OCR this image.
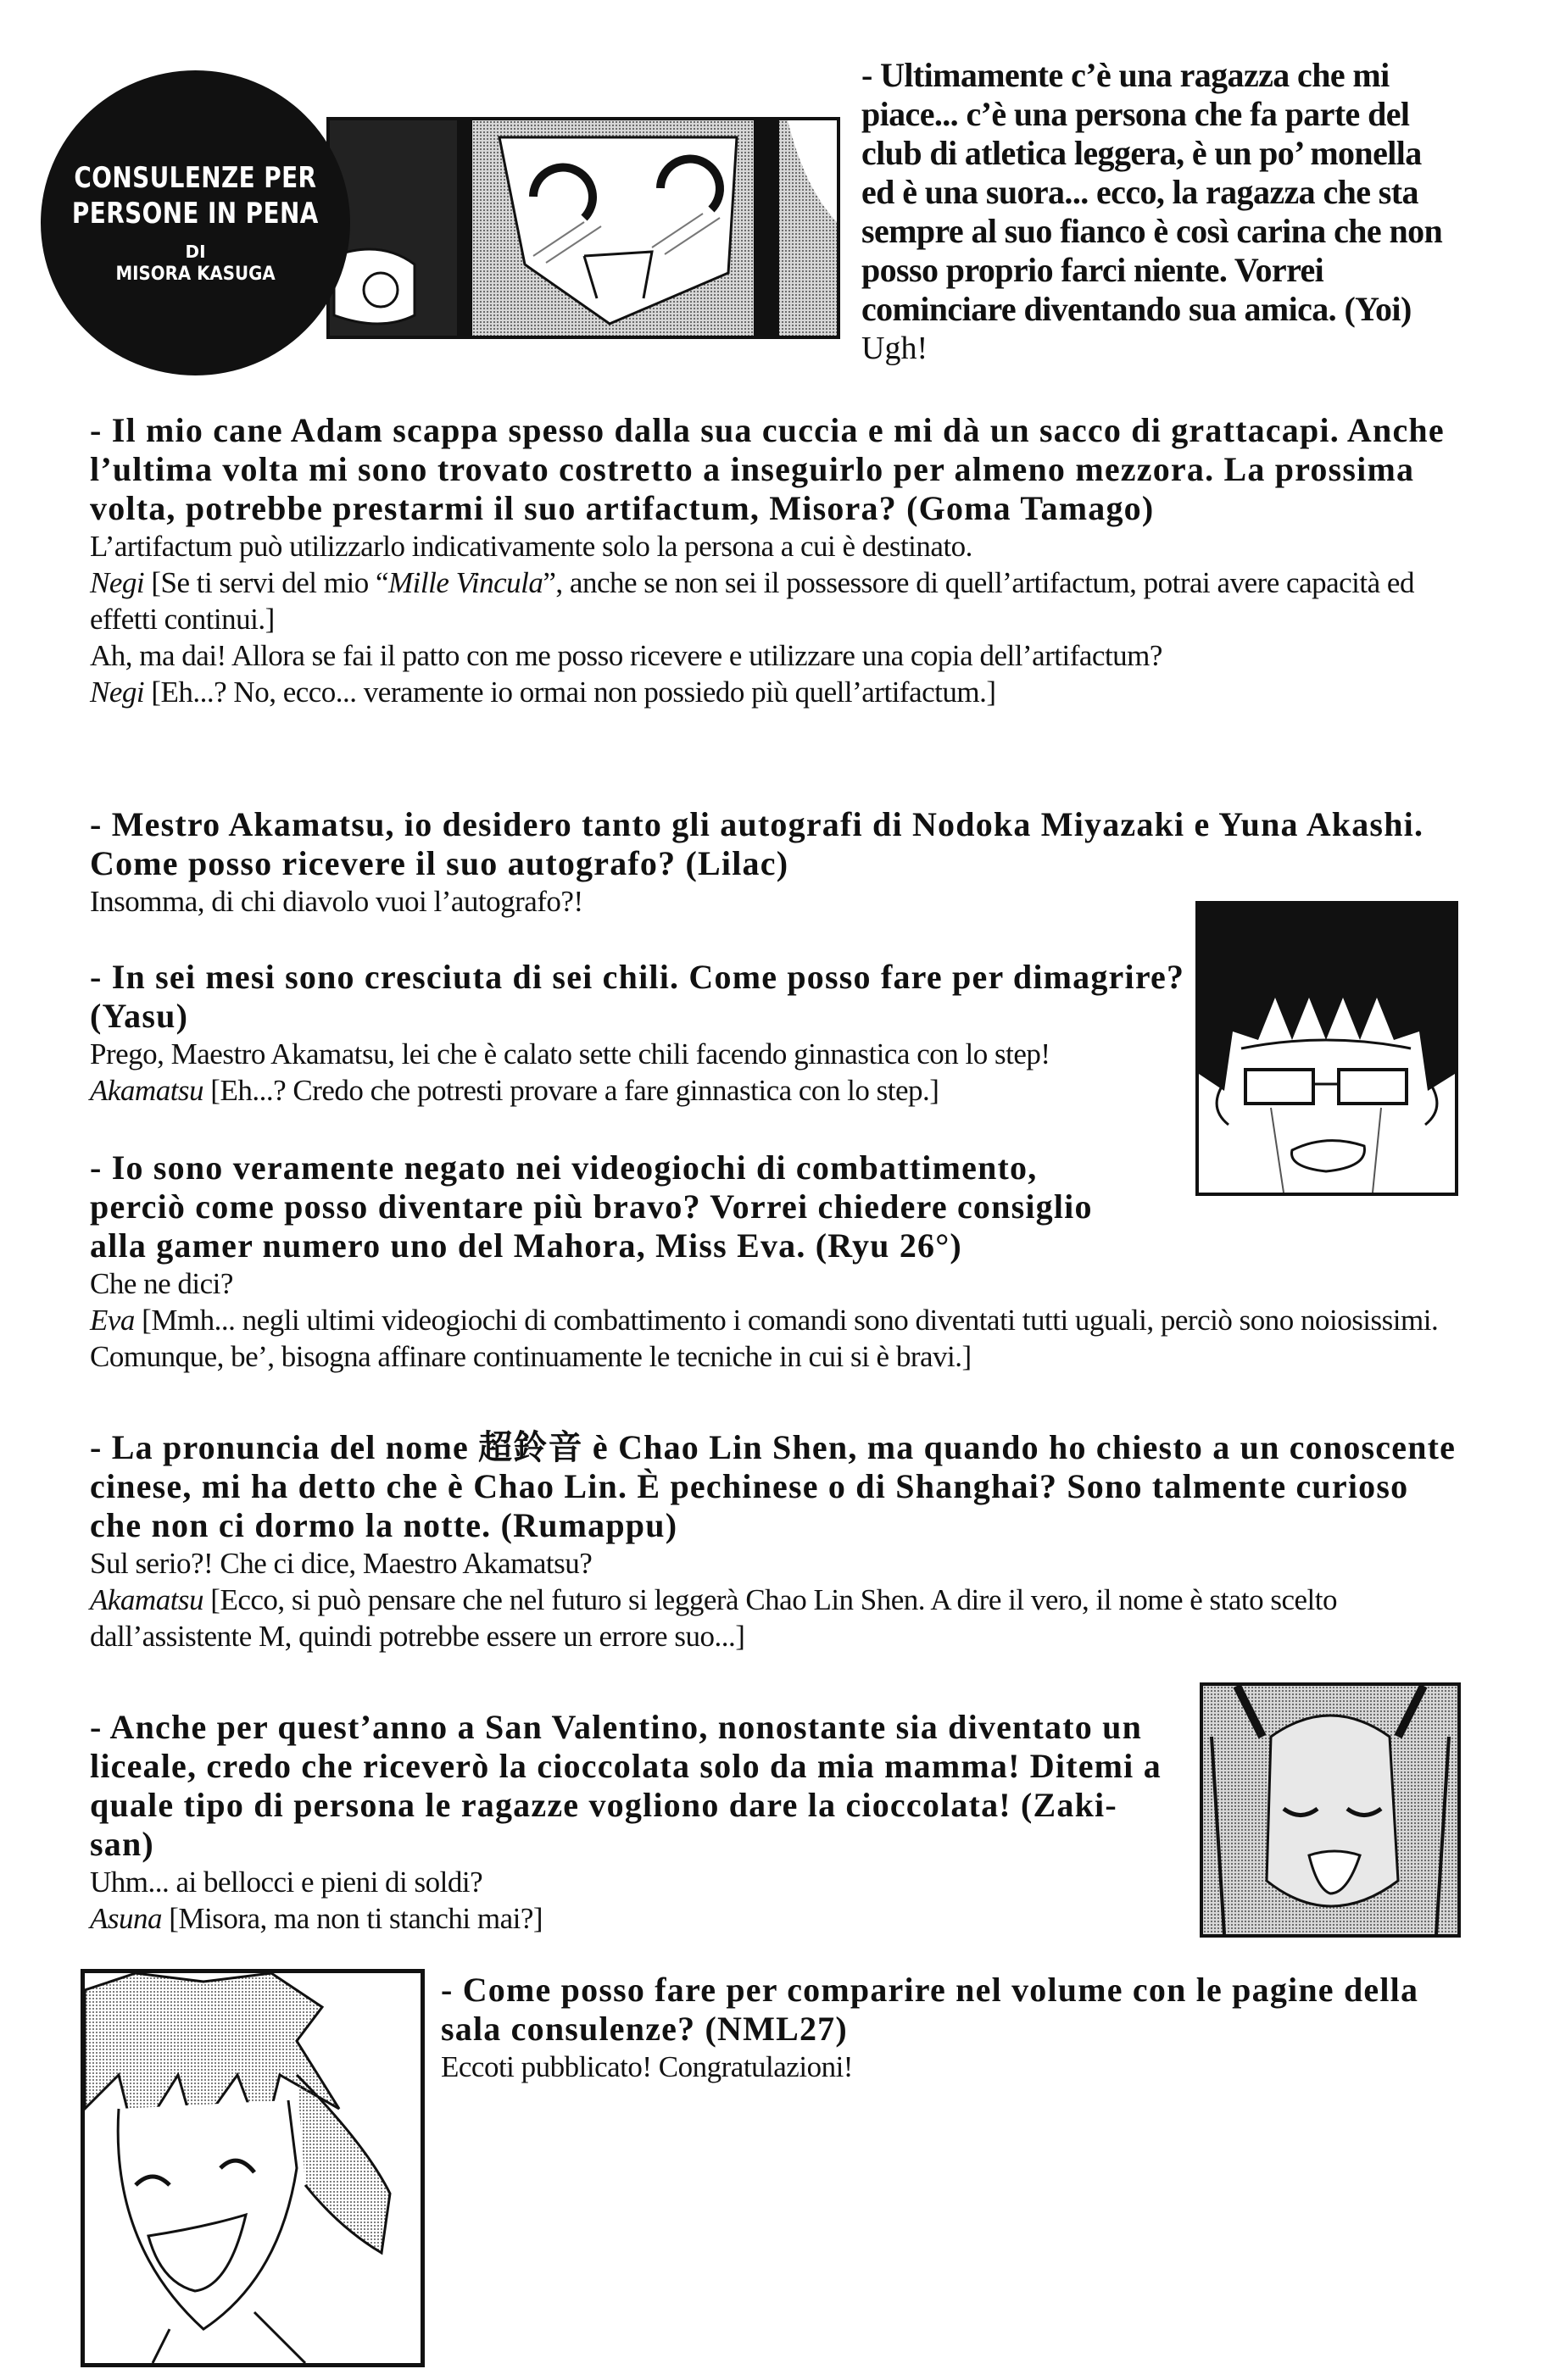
CONSULENZE PER
PERSONE IN PENA
DI
MISORA KASUGA

- Ultimamente c’è una ragazza che mi piace... c’è una persona che fa parte del club di atletica leggera, è un po’ monella ed è una suora... ecco, la ragazza che sta sempre al suo fianco è così carina che non posso proprio farci niente. Vorrei cominciare diventando sua amica. (Yoi)

Ugh!

- Il mio cane Adam scappa spesso dalla sua cuccia e mi dà un sacco di grattacapi. Anche l’ultima volta mi sono trovato costretto a inseguirlo per almeno mezzora. La prossima volta, potrebbe prestarmi il suo artifactum, Misora? (Goma Tamago)

L’artifactum può utilizzarlo indicativamente solo la persona a cui è destinato.

Negi [Se ti servi del mio “Mille Vincula”, anche se non sei il possessore di quell’artifactum, potrai avere capacità ed effetti continui.]

Ah, ma dai! Allora se fai il patto con me posso ricevere e utilizzare una copia dell’artifactum?

Negi [Eh...? No, ecco... veramente io ormai non possiedo più quell’artifactum.]

- Mestro Akamatsu, io desidero tanto gli autografi di Nodoka Miyazaki e Yuna Akashi. Come posso ricevere il suo autografo? (Lilac)

Insomma, di chi diavolo vuoi l’autografo?!

- In sei mesi sono cresciuta di sei chili. Come posso fare per dimagrire? (Yasu)

Prego, Maestro Akamatsu, lei che è calato sette chili facendo ginnastica con lo step!

Akamatsu [Eh...? Credo che potresti provare a fare ginnastica con lo step.]

- Io sono veramente negato nei videogiochi di combattimento, perciò come posso diventare più bravo? Vorrei chiedere consiglio alla gamer numero uno del Mahora, Miss Eva. (Ryu 26°)

Che ne dici?

Eva [Mmh... negli ultimi videogiochi di combattimento i comandi sono diventati tutti uguali, perciò sono noiosissimi. Comunque, be’, bisogna affinare continuamente le tecniche in cui si è bravi.]

- La pronuncia del nome 超鈴音 è Chao Lin Shen, ma quando ho chiesto a un conoscente cinese, mi ha detto che è Chao Lin. È pechinese o di Shanghai? Sono talmente curioso che non ci dormo la notte. (Rumappu)

Sul serio?! Che ci dice, Maestro Akamatsu?

Akamatsu [Ecco, si può pensare che nel futuro si leggerà Chao Lin Shen. A dire il vero, il nome è stato scelto dall’assistente M, quindi potrebbe essere un errore suo...]

- Anche per quest’anno a San Valentino, nonostante sia diventato un liceale, credo che riceverò la cioccolata solo da mia mamma! Ditemi a quale tipo di persona le ragazze vogliono dare la cioccolata! (Zaki-san)

Uhm... ai bellocci e pieni di soldi?

Asuna [Misora, ma non ti stanchi mai?]

- Come posso fare per comparire nel volume con le pagine della sala consulenze? (NML27)

Eccoti pubblicato! Congratulazioni!
